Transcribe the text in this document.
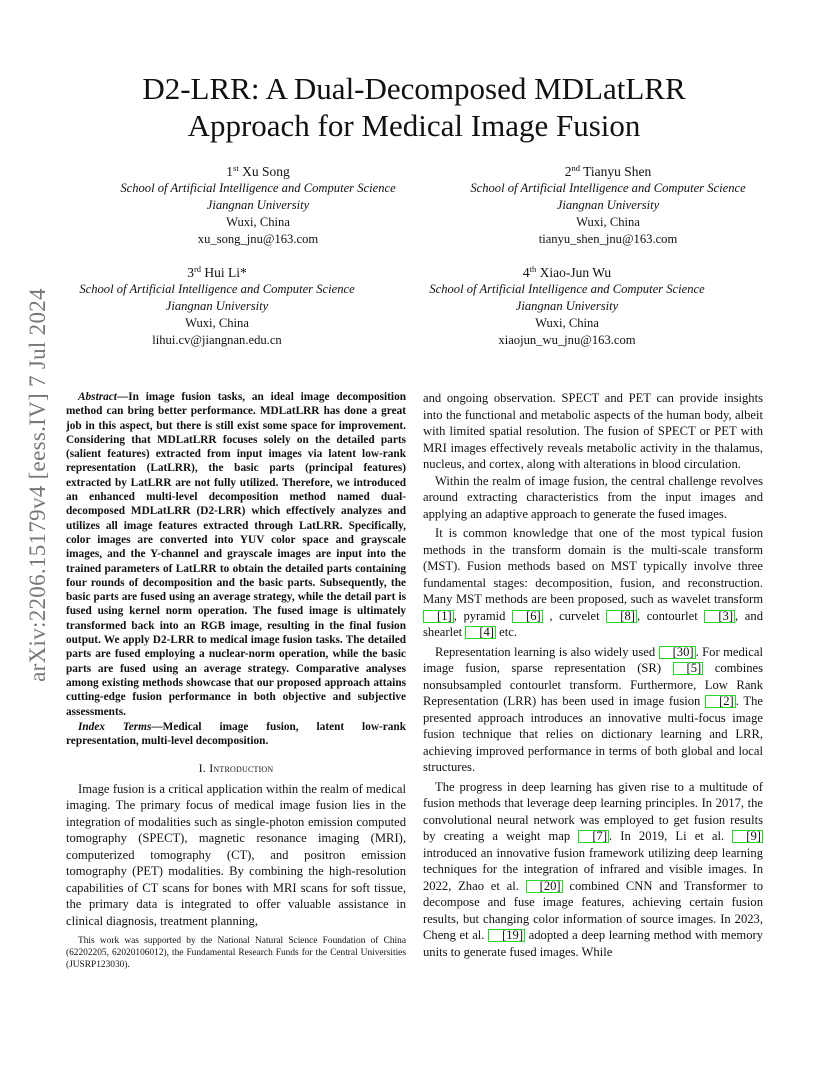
D2-LRR: A Dual-Decomposed MDLatLRR
Approach for Medical Image Fusion
1st Xu Song
School of Artificial Intelligence and Computer Science
Jiangnan University
Wuxi, China
xu_song_jnu@163.com
2nd Tianyu Shen
School of Artificial Intelligence and Computer Science
Jiangnan University
Wuxi, China
tianyu_shen_jnu@163.com
3rd Hui Li*
School of Artificial Intelligence and Computer Science
Jiangnan University
Wuxi, China
lihui.cv@jiangnan.edu.cn
4th Xiao-Jun Wu
School of Artificial Intelligence and Computer Science
Jiangnan University
Wuxi, China
xiaojun_wu_jnu@163.com
arXiv:2206.15179v4 [eess.IV] 7 Jul 2024	Abstract—In image fusion tasks, an ideal image decomposition method can bring better performance. MDLatLRR has done a great job in this aspect, but there is still exist some space for improvement. Considering that MDLatLRR focuses solely on the detailed parts (salient features) extracted from input images via latent low-rank representation (LatLRR), the basic parts (principal features) extracted by LatLRR are not fully utilized. Therefore, we introduced an enhanced multi-level decomposition method named dual-decomposed MDLatLRR (D2-LRR) which effectively analyzes and utilizes all image features extracted through LatLRR. Specifically, color images are converted into YUV color space and grayscale images, and the Y-channel and grayscale images are input into the trained parameters of LatLRR to obtain the detailed parts containing four rounds of decomposition and the basic parts. Subsequently, the basic parts are fused using an average strategy, while the detail part is fused using kernel norm operation. The fused image is ultimately transformed back into an RGB image, resulting in the final fusion output. We apply D2-LRR to medical image fusion tasks. The detailed parts are fused employing a nuclear-norm operation, while the basic parts are fused using an average strategy. Comparative analyses among existing methods showcase that our proposed approach attains cutting-edge fusion performance in both objective and subjective assessments.

Index Terms—Medical image fusion, latent low-rank representation, multi-level decomposition.

I. Introduction

Image fusion is a critical application within the realm of medical imaging. The primary focus of medical image fusion lies in the integration of modalities such as single-photon emission computed tomography (SPECT), magnetic resonance imaging (MRI), computerized tomography (CT), and positron emission tomography (PET) modalities. By combining the high-resolution capabilities of CT scans for bones with MRI scans for soft tissue, the primary data is integrated to offer valuable assistance in clinical diagnosis, treatment planning,

This work was supported by the National Natural Science Foundation of China (62202205, 62020106012), the Fundamental Research Funds for the Central Universities (JUSRP123030).

and ongoing observation. SPECT and PET can provide insights into the functional and metabolic aspects of the human body, albeit with limited spatial resolution. The fusion of SPECT or PET with MRI images effectively reveals metabolic activity in the thalamus, nucleus, and cortex, along with alterations in blood circulation.

Within the realm of image fusion, the central challenge revolves around extracting characteristics from the input images and applying an adaptive approach to generate the fused images.

It is common knowledge that one of the most typical fusion methods in the transform domain is the multi-scale transform (MST). Fusion methods based on MST typically involve three fundamental stages: decomposition, fusion, and reconstruction. Many MST methods are been proposed, such as wavelet transform [1] , pyramid [6] , curvelet [8] , contourlet [3] , and shearlet [4] etc.

Representation learning is also widely used [30] . For medical image fusion, sparse representation (SR) [5] combines nonsubsampled contourlet transform. Furthermore, Low Rank Representation (LRR) has been used in image fusion [2] . The presented approach introduces an innovative multi-focus image fusion technique that relies on dictionary learning and LRR, achieving improved performance in terms of both global and local structures.

The progress in deep learning has given rise to a multitude of fusion methods that leverage deep learning principles. In 2017, the convolutional neural network was employed to get fusion results by creating a weight map [7] . In 2019, Li et al. [9] introduced an innovative fusion framework utilizing deep learning techniques for the integration of infrared and visible images. In 2022, Zhao et al. [20] combined CNN and Transformer to decompose and fuse image features, achieving certain fusion results, but changing color information of source images. In 2023, Cheng et al. [19] adopted a deep learning method with memory units to generate fused images. While
